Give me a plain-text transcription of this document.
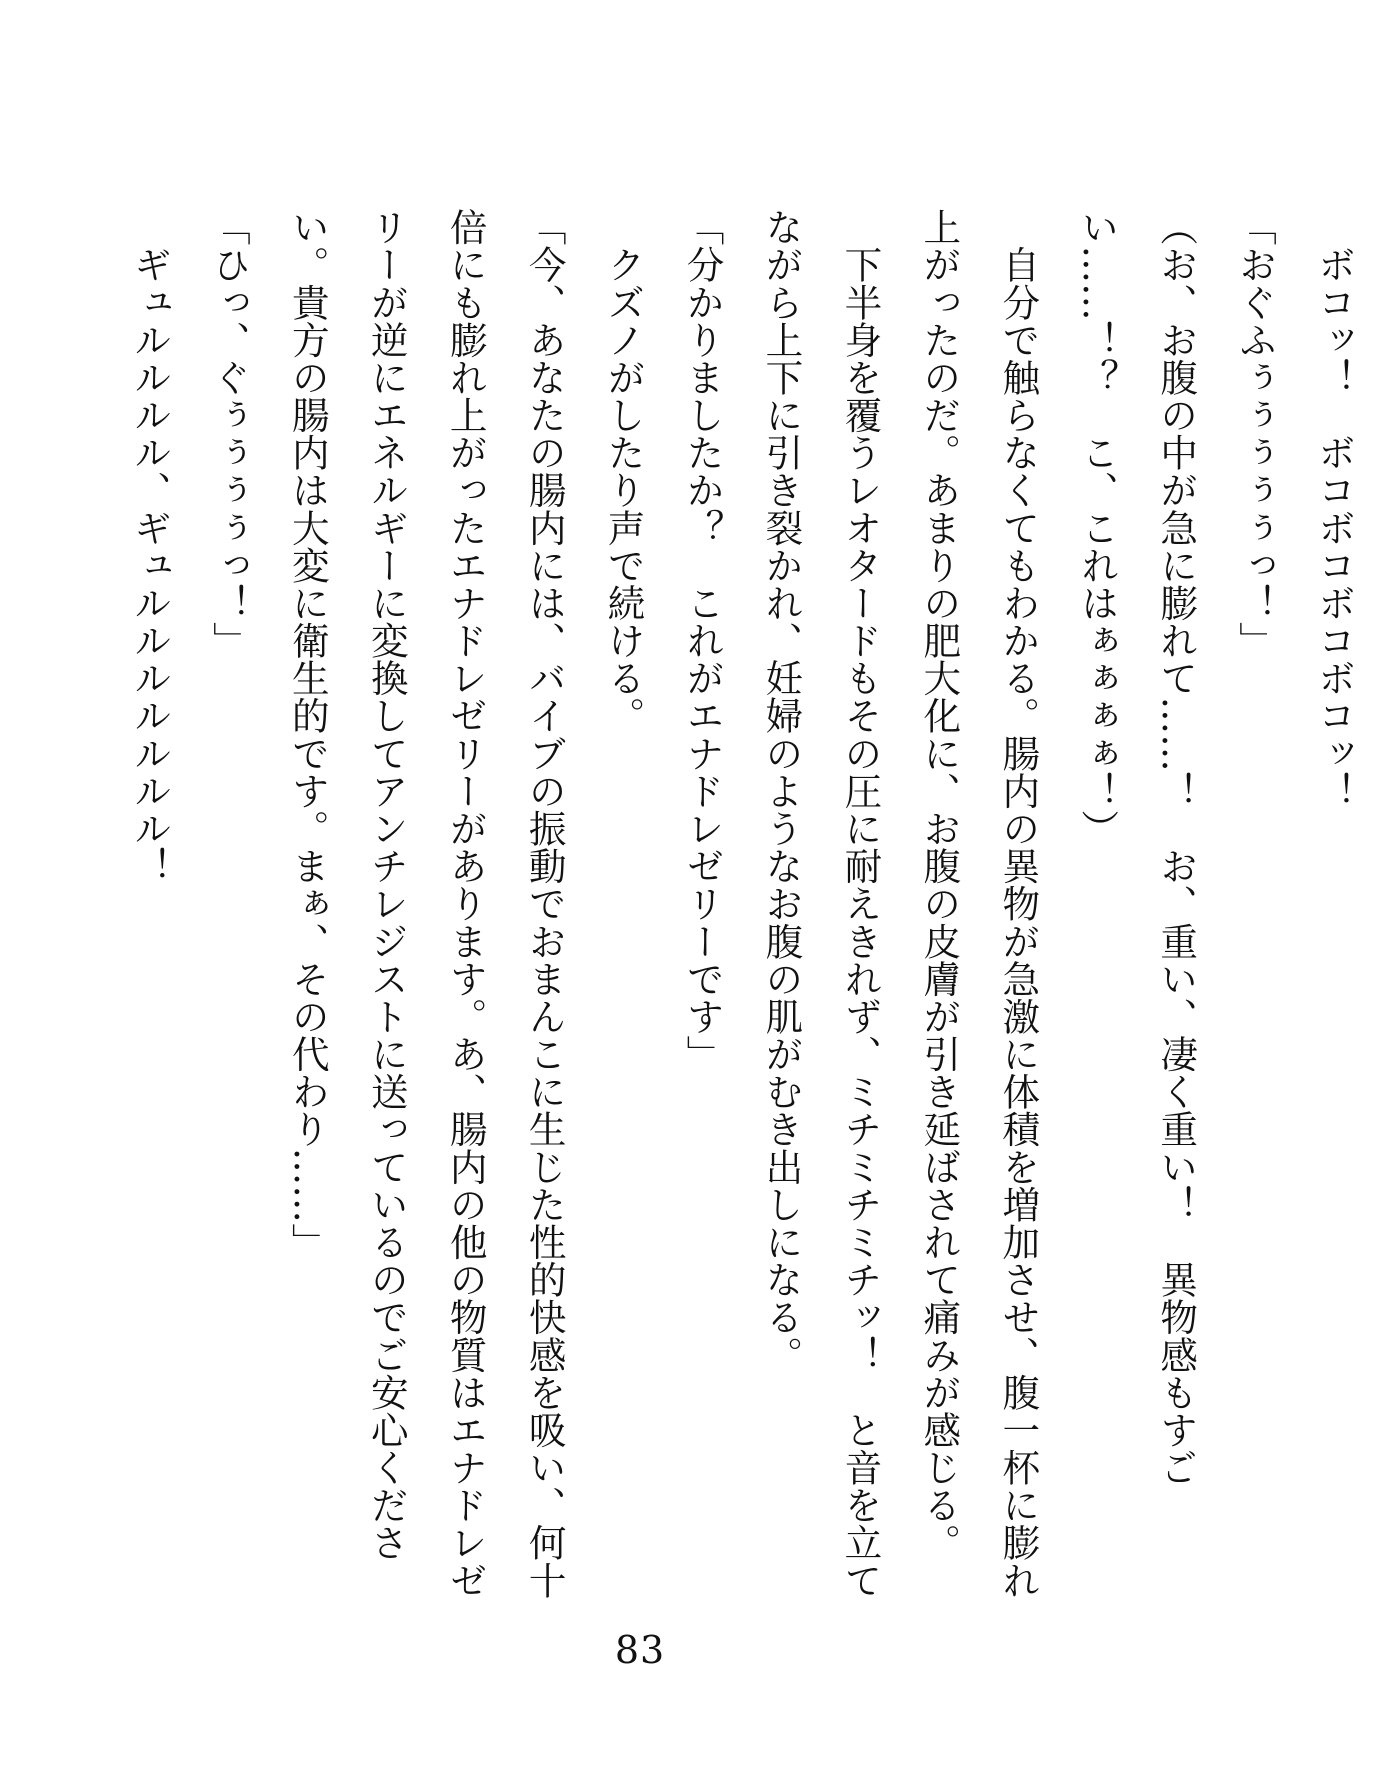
　ボコッ！　ボコボコボコボコッ！
「おぐふぅぅぅぅぅっ！」
（お、お腹の中が急に膨れて……！　お、重い、凄く重い！　異物感もすごい……！？　こ、これはぁぁぁぁ！）
　自分で触らなくてもわかる。腸内の異物が急激に体積を増加させ、腹一杯に膨れ上がったのだ。あまりの肥大化に、お腹の皮膚が引き延ばされて痛みが感じる。
　下半身を覆うレオタードもその圧に耐えきれず、ミチミチミチッ！　と音を立てながら上下に引き裂かれ、妊婦のようなお腹の肌がむき出しになる。
「分かりましたか？　これがエナドレゼリーです」
　クズノがしたり声で続ける。
「今、あなたの腸内には、バイブの振動でおまんこに生じた性的快感を吸い、何十倍にも膨れ上がったエナドレゼリーがあります。あ、腸内の他の物質はエナドレゼリーが逆にエネルギーに変換してアンチレジストに送っているのでご安心ください。貴方の腸内は大変に衛生的です。まぁ、その代わり……」
「ひっ、ぐぅぅぅぅっ！」
　ギュルルルル、ギュルルルルルルル！
83
